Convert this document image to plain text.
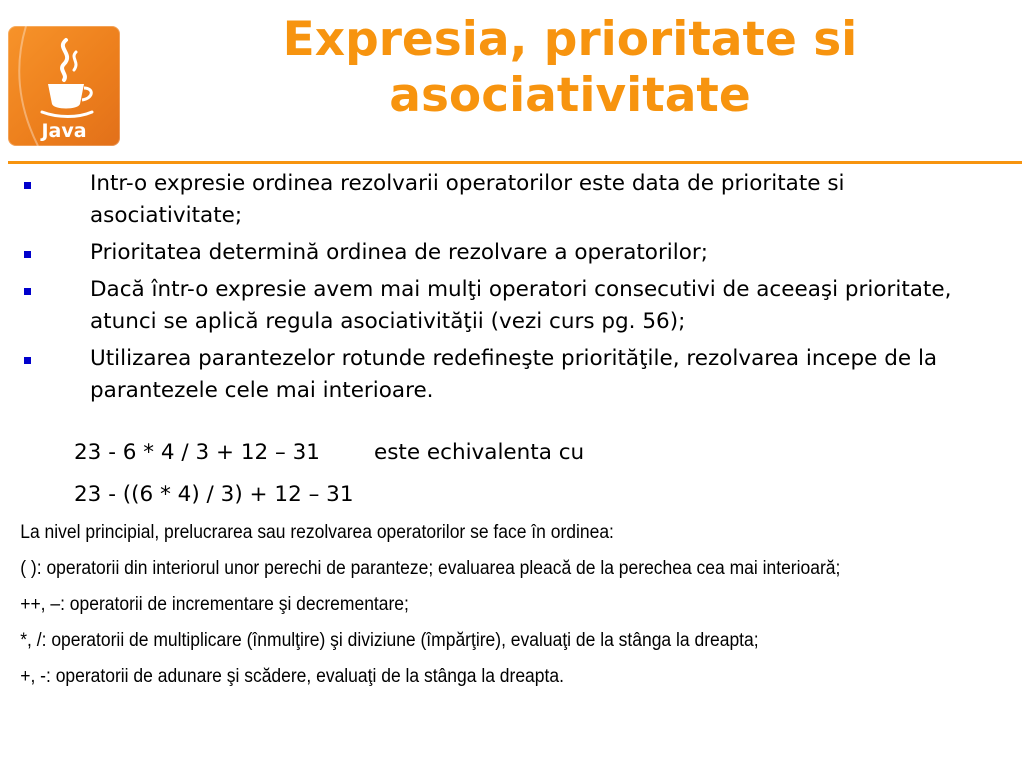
Java
Expresia, prioritate si asociativitate
Intr-o expresie ordinea rezolvarii operatorilor este data de prioritate si asociativitate;
Prioritatea determină ordinea de rezolvare a operatorilor;
Dacă într-o expresie avem mai mulţi operatori consecutivi de aceeaşi prioritate, atunci se aplică regula asociativităţii (vezi curs pg. 56);
Utilizarea parantezelor rotunde redefineşte priorităţile, rezolvarea incepe de la parantezele cele mai interioare.
23 - 6 * 4 / 3 + 12 – 31	este echivalenta cu
23 - ((6 * 4) / 3) + 12 – 31
La nivel principial, prelucrarea sau rezolvarea operatorilor se face în ordinea:
( ): operatorii din interiorul unor perechi de paranteze; evaluarea pleacă de la perechea cea mai interioară;
++, –: operatorii de incrementare şi decrementare;
*, /: operatorii de multiplicare (înmulţire) şi diviziune (împărţire), evaluaţi de la stânga la dreapta;
+, -: operatorii de adunare şi scădere, evaluaţi de la stânga la dreapta.
